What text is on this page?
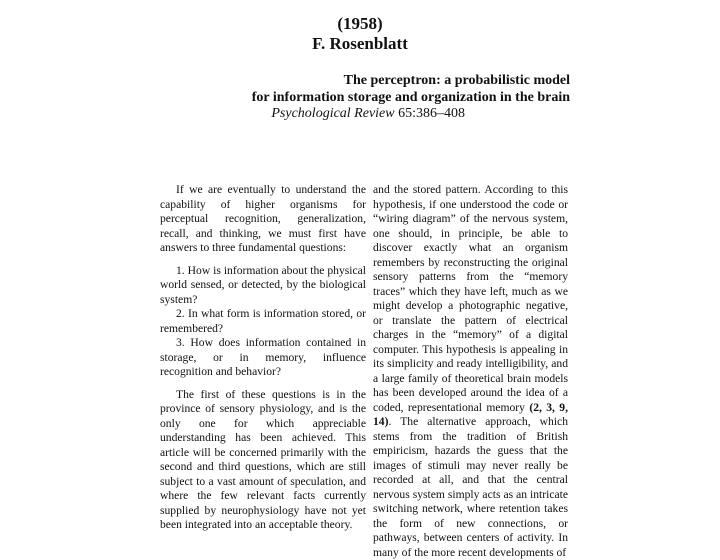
(1958)
F. Rosenblatt
The perceptron: a probabilistic model
for information storage and organization in the brain
Psychological Review 65:386–408

If we are eventually to understand the capability of higher organisms for perceptual recognition, generalization, recall, and thinking, we must first have answers to three fundamental questions:

1. How is information about the physical world sensed, or detected, by the biological system?

2. In what form is information stored, or remembered?

3. How does information contained in storage, or in memory, influence recognition and behavior?

The first of these questions is in the province of sensory physiology, and is the only one for which appreciable understanding has been achieved. This article will be concerned primarily with the second and third questions, which are still subject to a vast amount of speculation, and where the few relevant facts currently supplied by neurophysiology have not yet been integrated into an acceptable theory.

and the stored pattern. According to this hypothesis, if one understood the code or “wiring diagram” of the nervous system, one should, in principle, be able to discover exactly what an organism remembers by reconstructing the original sensory patterns from the “memory traces” which they have left, much as we might develop a photographic negative, or translate the pattern of electrical charges in the “memory” of a digital computer. This hypothesis is appealing in its simplicity and ready intelligibility, and a large family of theoretical brain models has been developed around the idea of a coded, representational memory (2, 3, 9, 14). The alternative approach, which stems from the tradition of British empiricism, hazards the guess that the images of stimuli may never really be recorded at all, and that the central nervous system simply acts as an intricate switching network, where retention takes the form of new connections, or pathways, between centers of activity. In many of the more recent developments of
